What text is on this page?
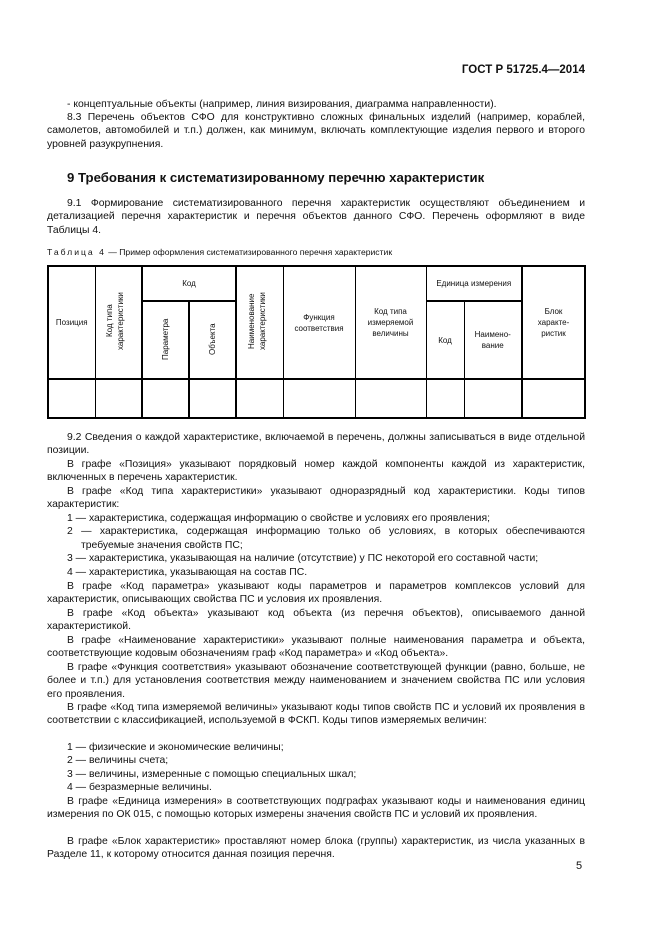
ГОСТ Р 51725.4—2014

- концептуальные объекты (например, линия визирования, диаграмма направленности).

8.3 Перечень объектов СФО для конструктивно сложных финальных изделий (например, кораблей, самолетов, автомобилей и т.п.) должен, как минимум, включать комплектующие изделия первого и второго уровней разукрупнения.

9 Требования к систематизированному перечню характеристик

9.1 Формирование систематизированного перечня характеристик осуществляют объединением и детализацией перечня характеристик и перечня объектов данного СФО. Перечень оформляют в виде Таблицы 4.

Таблица 4 — Пример оформления систематизированного перечня характеристик
Позиция	Код типа характеристики	Код		Наименование характеристики	Функция соответствия	Код типа измеряемой величины	Единица измерения		Блок характе-ристик
		Параметра	Объекта				Код	Наимено-вание	

9.2 Сведения о каждой характеристике, включаемой в перечень, должны записываться в виде отдельной позиции.

В графе «Позиция» указывают порядковый номер каждой компоненты каждой из характеристик, включенных в перечень характеристик.

В графе «Код типа характеристики» указывают одноразрядный код характеристики. Коды типов характеристик:

1 — характеристика, содержащая информацию о свойстве и условиях его проявления;
2 — характеристика, содержащая информацию только об условиях, в которых обеспечиваются
требуемые значения свойств ПС;
3 — характеристика, указывающая на наличие (отсутствие) у ПС некоторой его составной части;
4 — характеристика, указывающая на состав ПС.

В графе «Код параметра» указывают коды параметров и параметров комплексов условий для характеристик, описывающих свойства ПС и условия их проявления.

В графе «Код объекта» указывают код объекта (из перечня объектов), описываемого данной характеристикой.

В графе «Наименование характеристики» указывают полные наименования параметра и объекта, соответствующие кодовым обозначениям граф «Код параметра» и «Код объекта».

В графе «Функция соответствия» указывают обозначение соответствующей функции (равно, больше, не более и т.п.) для установления соответствия между наименованием и значением свойства ПС или условия его проявления.

В графе «Код типа измеряемой величины» указывают коды типов свойств ПС и условий их проявления в соответствии с классификацией, используемой в ФСКП. Коды типов измеряемых величин:

1 — физические и экономические величины;
2 — величины счета;
3 — величины, измеренные с помощью специальных шкал;
4 — безразмерные величины.

В графе «Единица измерения» в соответствующих подграфах указывают коды и наименования единиц измерения по ОК 015, с помощью которых измерены значения свойств ПС и условий их проявления.

В графе «Блок характеристик» проставляют номер блока (группы) характеристик, из числа указанных в Разделе 11, к которому относится данная позиция перечня.

5
